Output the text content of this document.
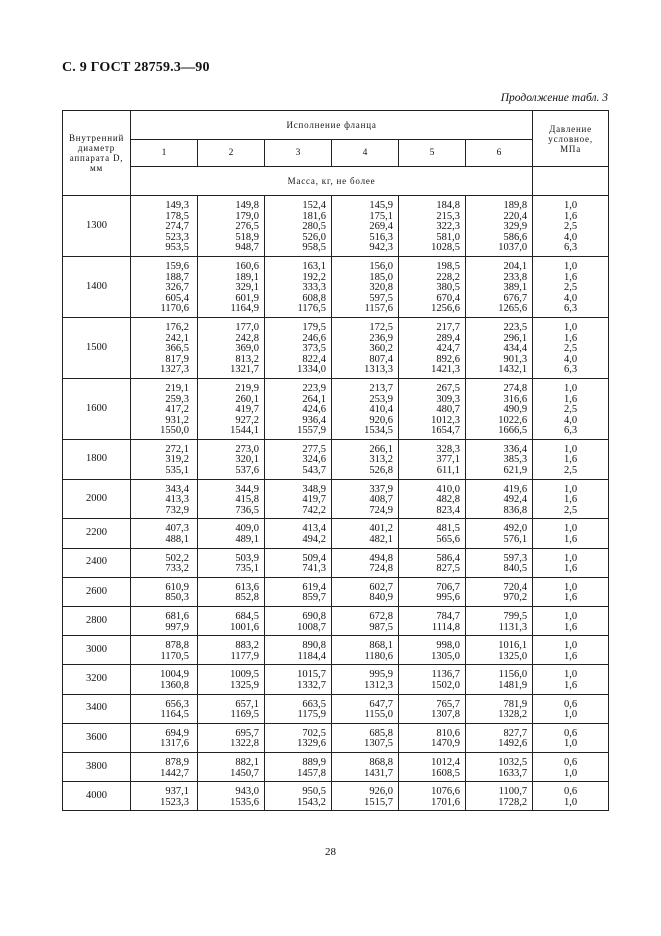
С. 9 ГОСТ 28759.3—90
Продолжение табл. 3
Внутренний
диаметр
аппарата D,
мм	Исполнение фланца						Давление
условное,
МПа

	1	2	3	4	5	6	
	Масса, кг, не более						
1300	149,3
178,5
274,7
523,3
953,5	149,8
179,0
276,5
518,9
948,7	152,4
181,6
280,5
526,0
958,5	145,9
175,1
269,4
516,3
942,3	184,8
215,3
322,3
581,0
1028,5	189,8
220,4
329,9
586,6
1037,0	1,0
1,6
2,5
4,0
6,3

1400	159,6
188,7
326,7
605,4
1170,6	160,6
189,1
329,1
601,9
1164,9	163,1
192,2
333,3
608,8
1176,5	156,0
185,0
320,8
597,5
1157,6	198,5
228,2
380,5
670,4
1256,6	204,1
233,8
389,1
676,7
1265,6	1,0
1,6
2,5
4,0
6,3

1500	176,2
242,1
366,5
817,9
1327,3	177,0
242,8
369,0
813,2
1321,7	179,5
246,6
373,5
822,4
1334,0	172,5
236,9
360,2
807,4
1313,3	217,7
289,4
424,7
892,6
1421,3	223,5
296,1
434,4
901,3
1432,1	1,0
1,6
2,5
4,0
6,3

1600	219,1
259,3
417,2
931,2
1550,0	219,9
260,1
419,7
927,2
1544,1	223,9
264,1
424,6
936,4
1557,9	213,7
253,9
410,4
920,6
1534,5	267,5
309,3
480,7
1012,3
1654,7	274,8
316,6
490,9
1022,6
1666,5	1,0
1,6
2,5
4,0
6,3

1800	272,1
319,2
535,1	273,0
320,1
537,6	277,5
324,6
543,7	266,1
313,2
526,8	328,3
377,1
611,1	336,4
385,3
621,9	1,0
1,6
2,5

2000	343,4
413,3
732,9	344,9
415,8
736,5	348,9
419,7
742,2	337,9
408,7
724,9	410,0
482,8
823,4	419,6
492,4
836,8	1,0
1,6
2,5

2200	407,3
488,1	409,0
489,1	413,4
494,2	401,2
482,1	481,5
565,6	492,0
576,1	1,0
1,6

2400	502,2
733,2	503,9
735,1	509,4
741,3	494,8
724,8	586,4
827,5	597,3
840,5	1,0
1,6

2600	610,9
850,3	613,6
852,8	619,4
859,7	602,7
840,9	706,7
995,6	720,4
970,2	1,0
1,6

2800	681,6
997,9	684,5
1001,6	690,8
1008,7	672,8
987,5	784,7
1114,8	799,5
1131,3	1,0
1,6

3000	878,8
1170,5	883,2
1177,9	890,8
1184,4	868,1
1180,6	998,0
1305,0	1016,1
1325,0	1,0
1,6

3200	1004,9
1360,8	1009,5
1325,9	1015,7
1332,7	995,9
1312,3	1136,7
1502,0	1156,0
1481,9	1,0
1,6

3400	656,3
1164,5	657,1
1169,5	663,5
1175,9	647,7
1155,0	765,7
1307,8	781,9
1328,2	0,6
1,0

3600	694,9
1317,6	695,7
1322,8	702,5
1329,6	685,8
1307,5	810,6
1470,9	827,7
1492,6	0,6
1,0

3800	878,9
1442,7	882,1
1450,7	889,9
1457,8	868,8
1431,7	1012,4
1608,5	1032,5
1633,7	0,6
1,0

4000	937,1
1523,3	943,0
1535,6	950,5
1543,2	926,0
1515,7	1076,6
1701,6	1100,7
1728,2	0,6
1,0
28
